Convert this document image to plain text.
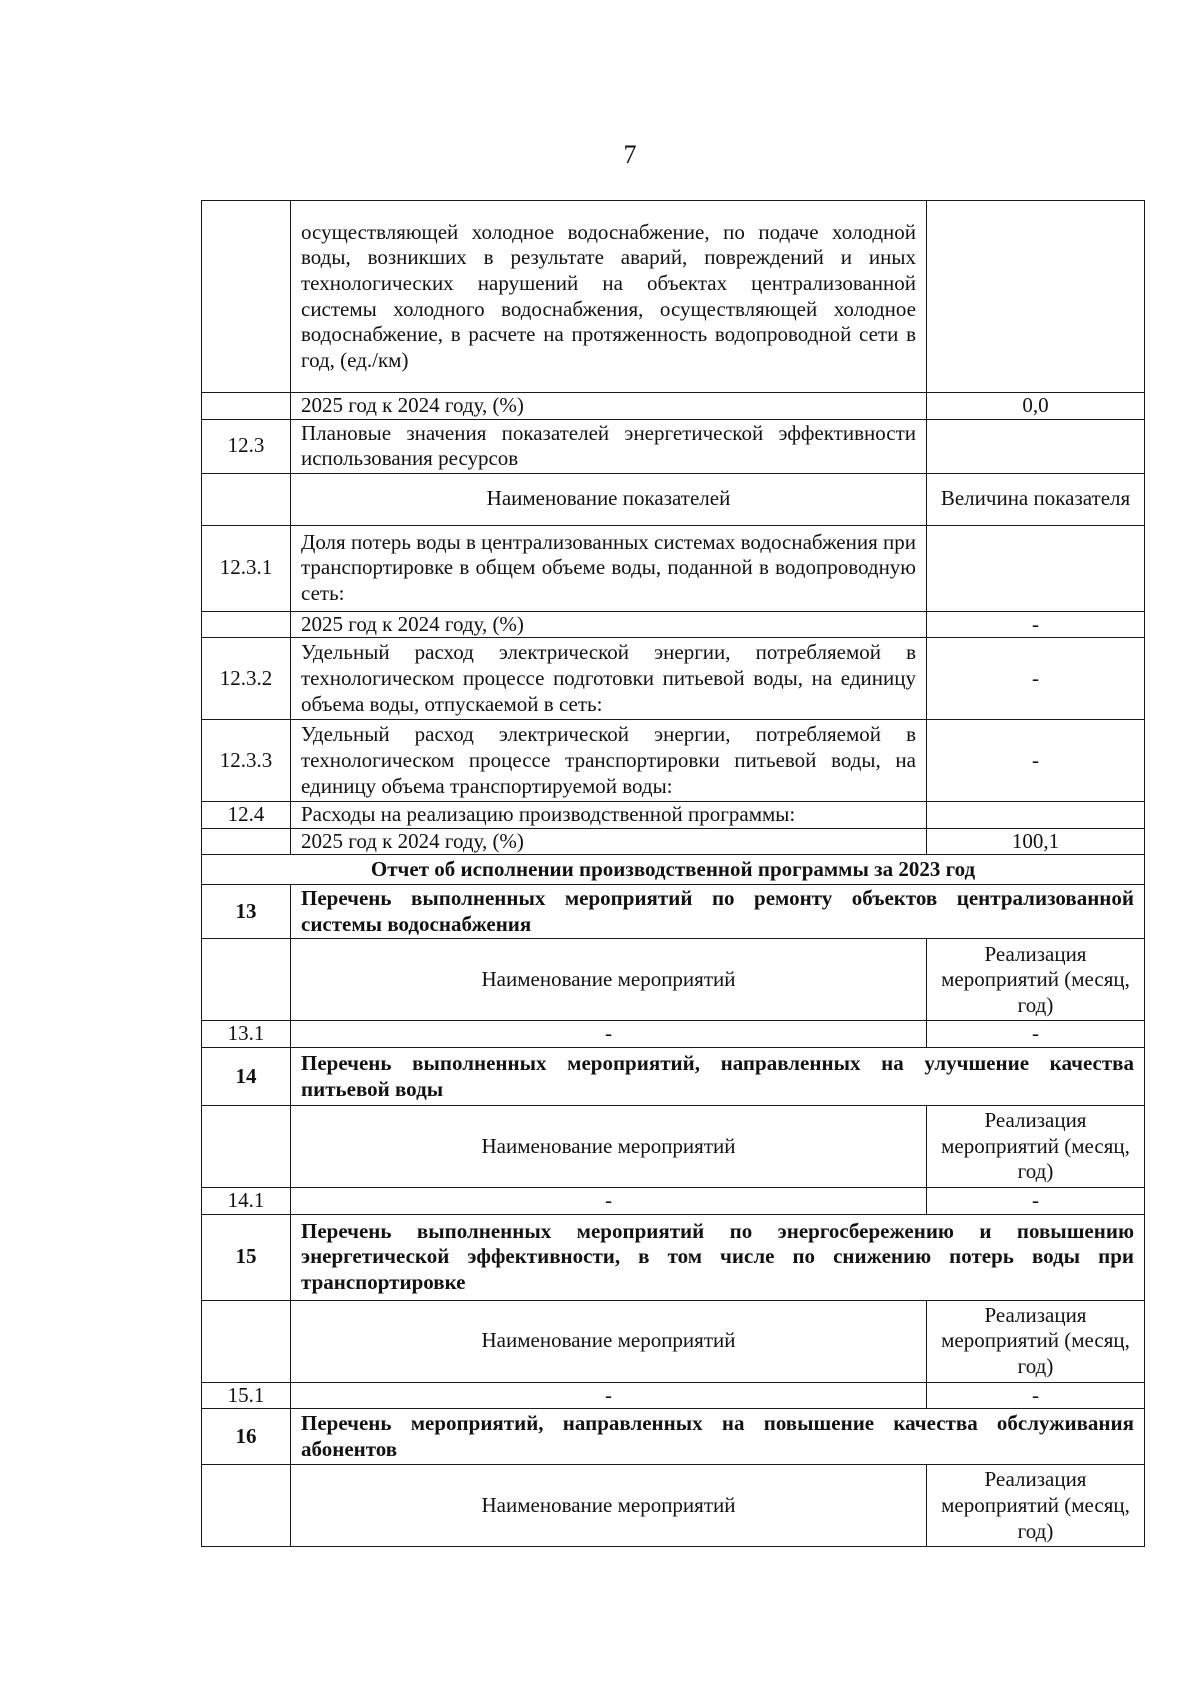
7
	осуществляющей холодное водоснабжение, по подаче холодной воды, возникших в результате аварий, повреждений и иных технологических нарушений на объектах централизованной системы холодного водоснабжения, осуществляющей холодное водоснабжение, в расчете на протяженность водопроводной сети в год, (ед./км)	
	2025 год к 2024 году, (%)	0,0
12.3	Плановые значения показателей энергетической эффективности использования ресурсов	
	Наименование показателей	Величина показателя
12.3.1	Доля потерь воды в централизованных системах водоснабжения при транспортировке в общем объеме воды, поданной в водопроводную сеть:	
	2025 год к 2024 году, (%)	-
12.3.2	Удельный расход электрической энергии, потребляемой в технологическом процессе подготовки питьевой воды, на единицу объема воды, отпускаемой в сеть:	-
12.3.3	Удельный расход электрической энергии, потребляемой в технологическом процессе транспортировки питьевой воды, на единицу объема транспортируемой воды:	-
12.4	Расходы на реализацию производственной программы:	
	2025 год к 2024 году, (%)	100,1
Отчет об исполнении производственной программы за 2023 год		
13	Перечень выполненных мероприятий по ремонту объектов централизованной системы водоснабжения	
	Наименование мероприятий	Реализация мероприятий (месяц, год)
13.1	-	-
14	Перечень выполненных мероприятий, направленных на улучшение качества питьевой воды	
	Наименование мероприятий	Реализация мероприятий (месяц, год)
14.1	-	-
15	Перечень выполненных мероприятий по энергосбережению и повышению энергетической эффективности, в том числе по снижению потерь воды при транспортировке	
	Наименование мероприятий	Реализация мероприятий (месяц, год)
15.1	-	-
16	Перечень мероприятий, направленных на повышение качества обслуживания абонентов	
	Наименование мероприятий	Реализация мероприятий (месяц, год)
